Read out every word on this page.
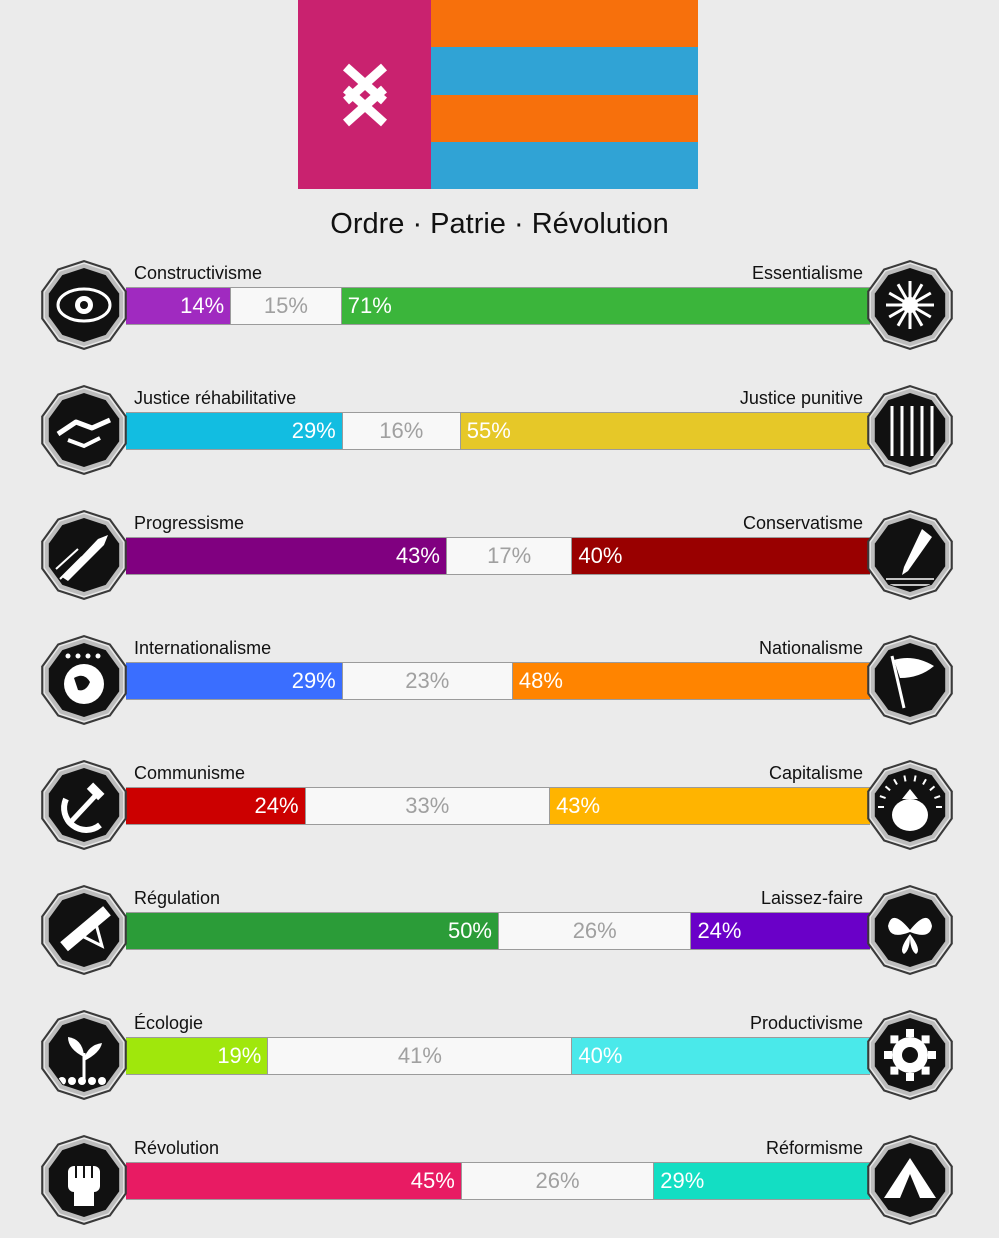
Ordre · Patrie · Révolution
Constructivisme	Essentialisme
14% 15% 71%
Justice réhabilitative	Justice punitive
29% 16% 55%
Progressisme	Conservatisme
43% 17% 40%
Internationalisme	Nationalisme
29%	23%	48%
Communisme	Capitalisme
24%	33%	43%
Régulation	Laissez-faire
50%	26%	24%
Écologie	Productivisme
19%	41%	40%
Révolution	Réformisme
45%	26%	29%
